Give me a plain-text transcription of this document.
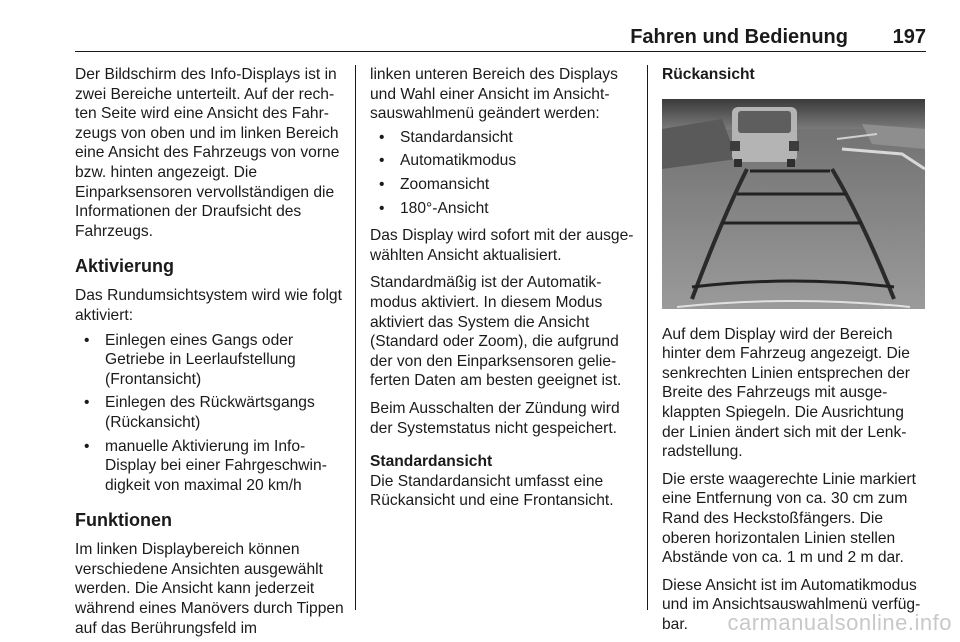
Fahren und Bedienung 197

Der Bildschirm des Info-Displays ist in zwei Bereiche unterteilt. Auf der rechten Seite wird eine Ansicht des Fahrzeugs von oben und im linken Bereich eine Ansicht des Fahrzeugs von vorne bzw. hinten angezeigt. Die Einparksensoren vervollständigen die Informationen der Draufsicht des Fahrzeugs.

Aktivierung

Das Rundumsichtsystem wird wie folgt aktiviert:

• Einlegen eines Gangs oder Getriebe in Leerlaufstellung (Frontansicht)
• Einlegen des Rückwärtsgangs (Rückansicht)
• manuelle Aktivierung im Info-Display bei einer Fahrgeschwindigkeit von maximal 20 km/h
Funktionen

Im linken Displaybereich können verschiedene Ansichten ausgewählt werden. Die Ansicht kann jederzeit während eines Manövers durch Tippen auf das Berührungsfeld im

linken unteren Bereich des Displays und Wahl einer Ansicht im Ansichtsauswahlmenü geändert werden:

• Standardansicht
• Automatikmodus
• Zoomansicht
• 180°-Ansicht

Das Display wird sofort mit der ausgewählten Ansicht aktualisiert.

Standardmäßig ist der Automatikmodus aktiviert. In diesem Modus aktiviert das System die Ansicht (Standard oder Zoom), die aufgrund der von den Einparksensoren gelieferten Daten am besten geeignet ist.

Beim Ausschalten der Zündung wird der Systemstatus nicht gespeichert.

Standardansicht

Die Standardansicht umfasst eine Rückansicht und eine Frontansicht.

Rückansicht

Auf dem Display wird der Bereich hinter dem Fahrzeug angezeigt. Die senkrechten Linien entsprechen der Breite des Fahrzeugs mit ausgeklappten Spiegeln. Die Ausrichtung der Linien ändert sich mit der Lenkradstellung.

Die erste waagerechte Linie markiert eine Entfernung von ca. 30 cm zum Rand des Heckstoßfängers. Die oberen horizontalen Linien stellen Abstände von ca. 1 m und 2 m dar.

Diese Ansicht ist im Automatikmodus und im Ansichtsauswahlmenü verfügbar.	carmanualsonline.info
